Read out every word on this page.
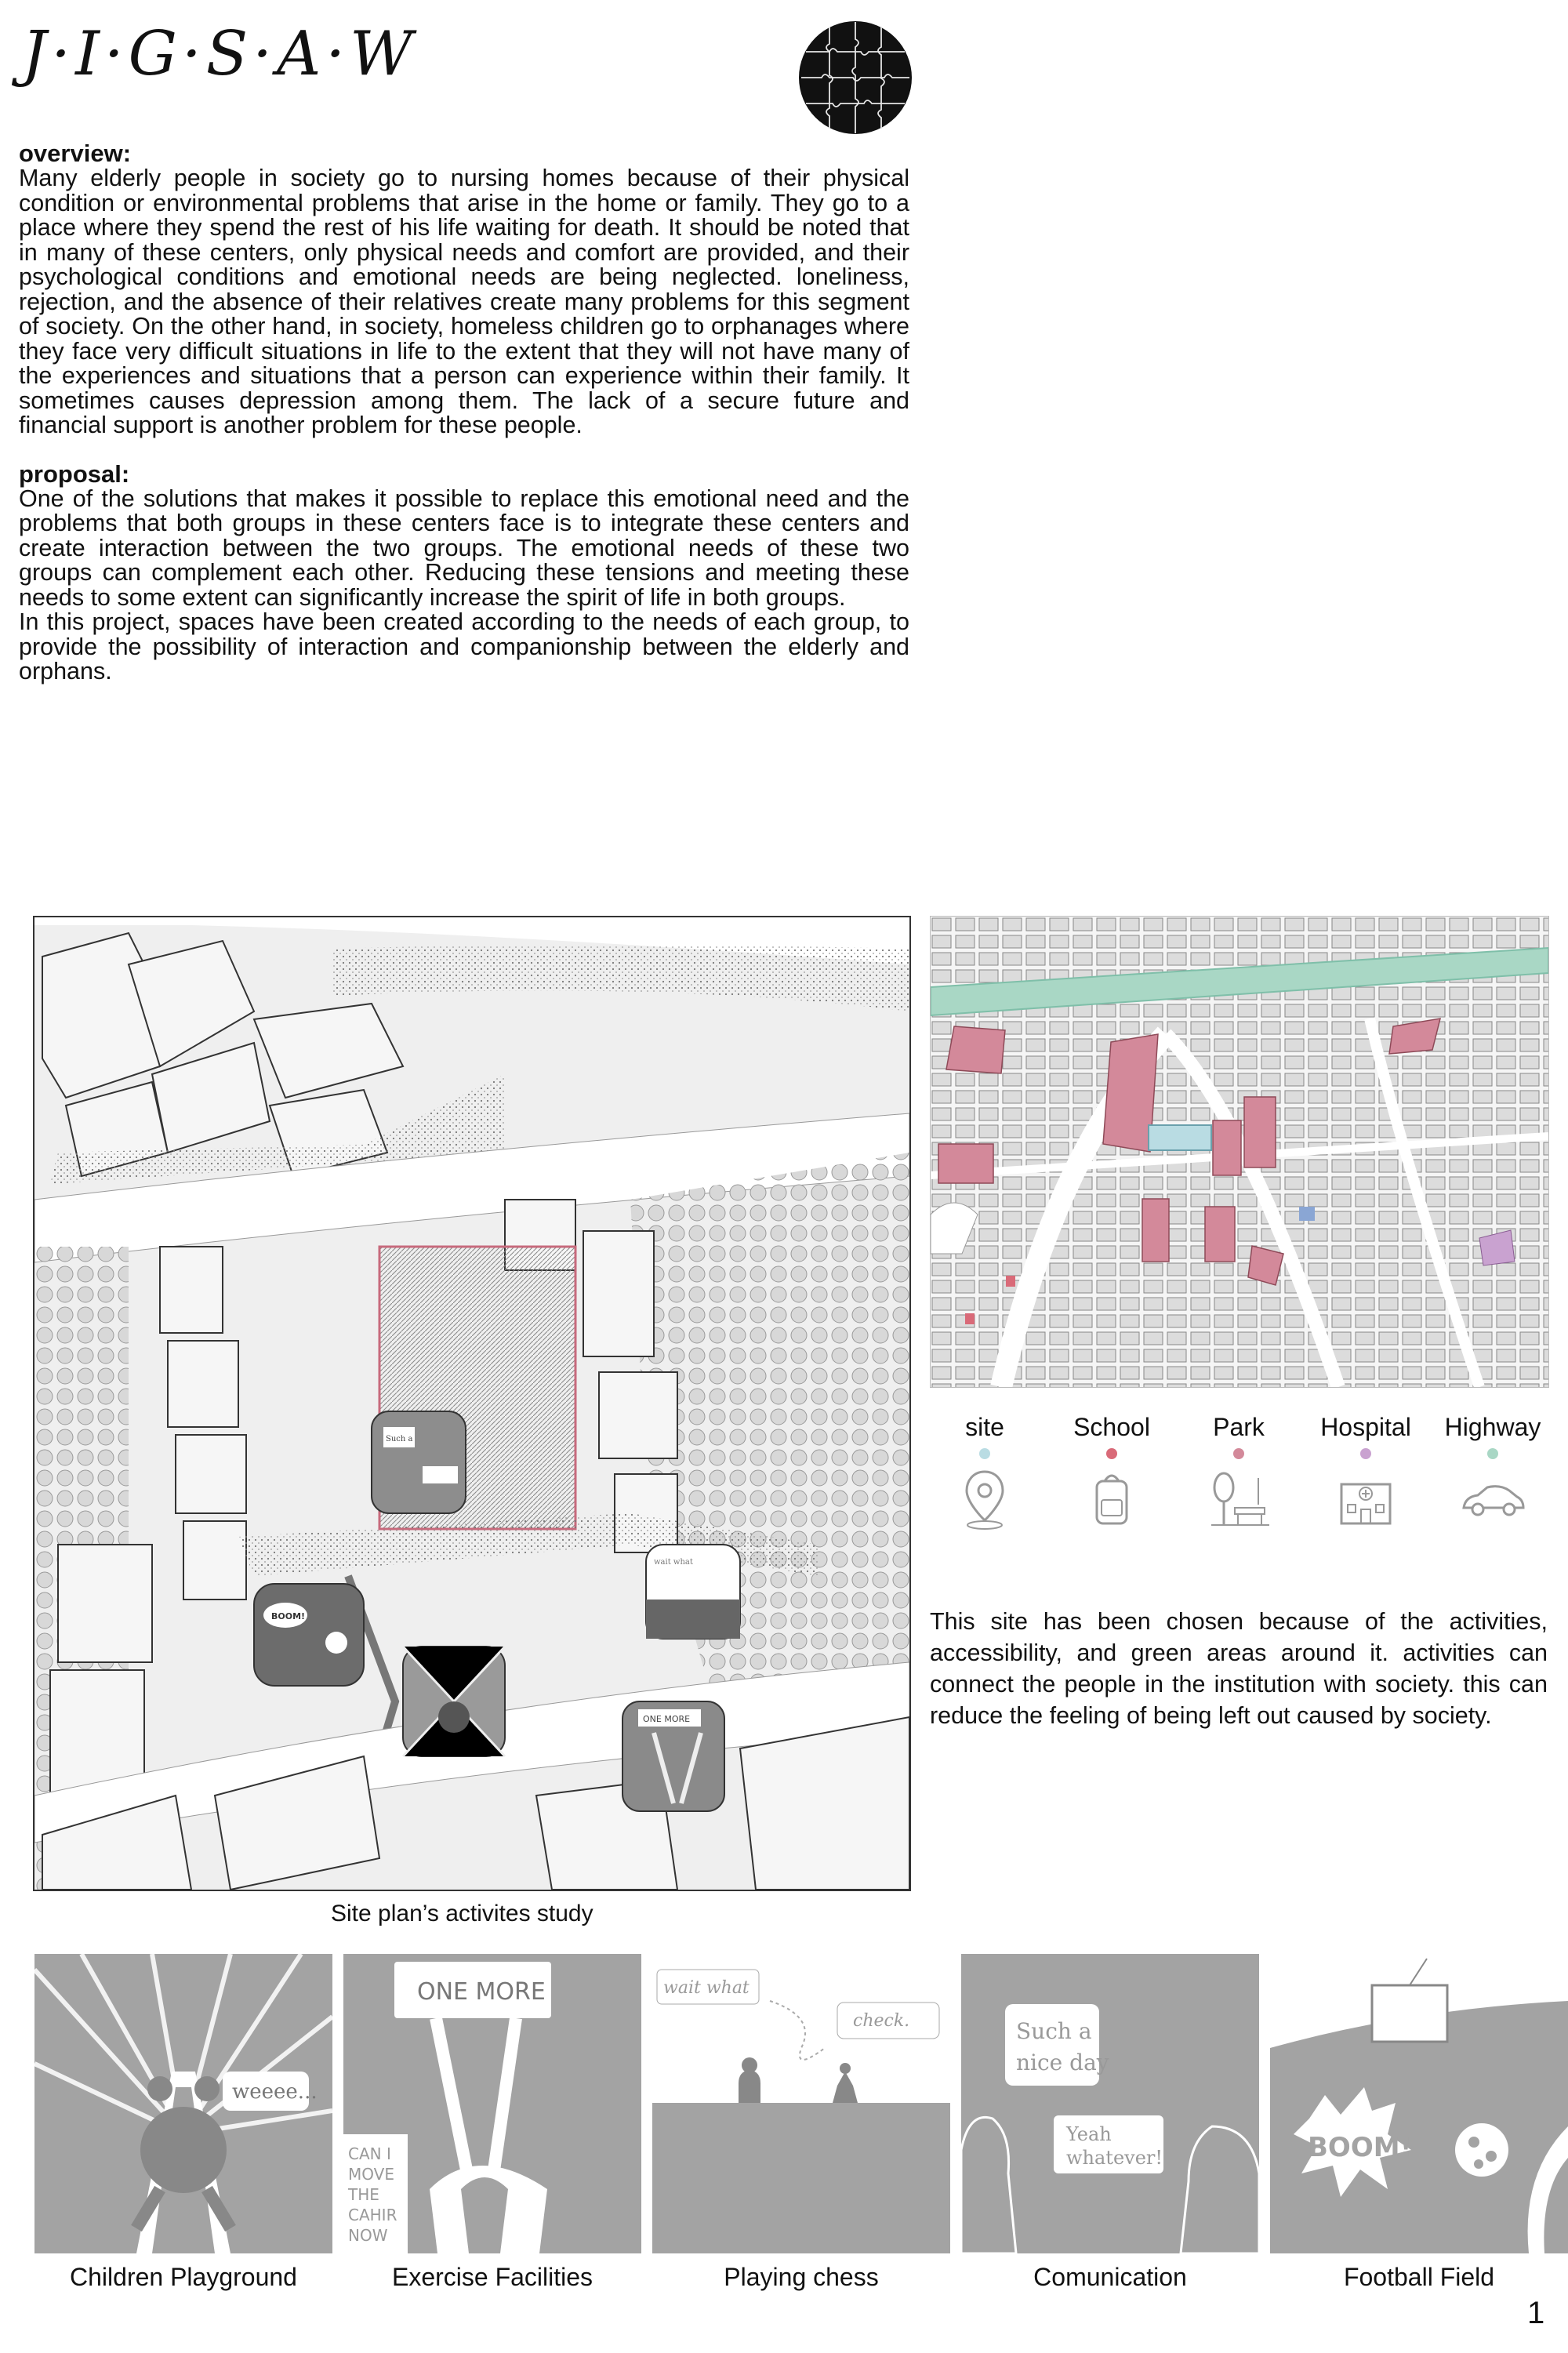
J·I·G·S·A·W
overview:

Many elderly people in society go to nursing homes because of their physical condition or environmental problems that arise in the home or family. They go to a place where they spend the rest of his life waiting for death. It should be noted that in many of these centers, only physical needs and comfort are provided, and their psychological conditions and emotional needs are being neglected. loneliness, rejection, and the absence of their relatives create many problems for this segment of society. On the other hand, in society, homeless children go to orphanages where they face very difficult situations in life to the extent that they will not have many of the experiences and situations that a person can experience within their family. It sometimes causes depression among them. The lack of a secure future and financial support is another problem for these people.

proposal:

One of the solutions that makes it possible to replace this emotional need and the problems that both groups in these centers face is to integrate these centers and create interaction between the two groups. The emotional needs of these two groups can complement each other. Reducing these tensions and meeting these needs to some extent can significantly increase the spirit of life in both groups.

In this project, spaces have been created according to the needs of each group, to provide the possibility of interaction and companionship between the elderly and orphans.

Such a
BOOM!
wait what
ONE MORE
Site plan’s activites study
site	School	Park	Hospital	Highway
This site has been chosen because of the activities, accessibility, and green areas around it. activities can connect the people in the institution with society. this can reduce the feeling of being left out caused by society.
weeee...
Children Playground
ONE MORE
CAN I
MOVE
THE
CAHIR
NOW
Exercise Facilities
wait what
check.
Playing chess
Such a
nice day
Yeah
whatever!
Comunication
BOOM!
Football Field
1
